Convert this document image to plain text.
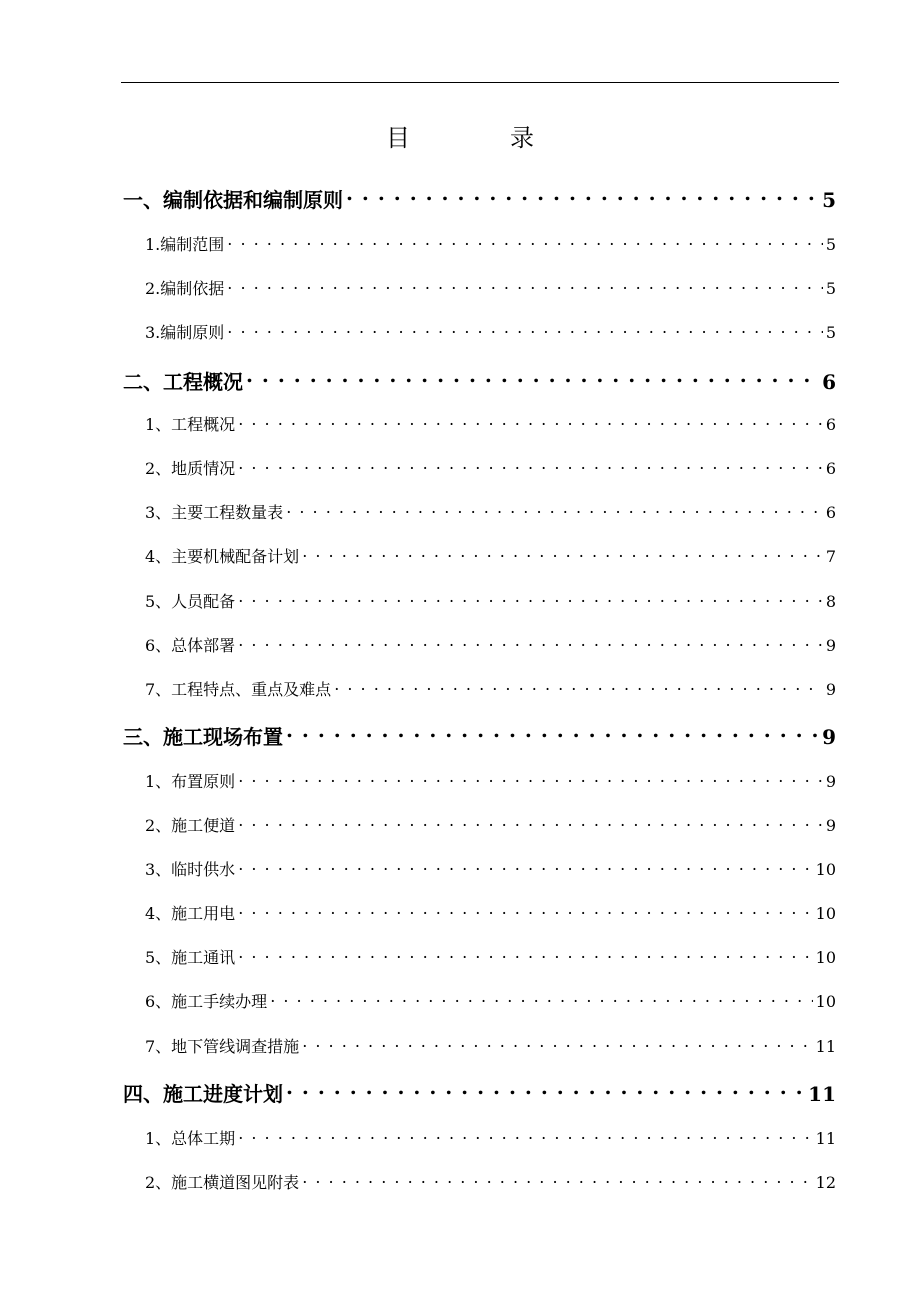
目　录
一、编制依据和编制原则 . . .	5
1.编制范围 . . .	5
2.编制依据 . . .	5
3.编制原则 . . .	5
二、工程概况 . . .	6
1、工程概况 . . .	6
2、地质情况 . . .	6
3、主要工程数量表 . . .	6
4、主要机械配备计划 . . .	7
5、人员配备 . . .	8
6、总体部署 . . .	9
7、工程特点、重点及难点 . . .	9
三、施工现场布置 . . .	9
1、布置原则 . . .	9
2、施工便道 . . .	9
3、临时供水 . . .	10
4、施工用电 . . .	10
5、施工通讯 . . .	10
6、施工手续办理 . . .	10
7、地下管线调查措施 . . .	11
四、施工进度计划 . . .	11
1、总体工期 . . .	11
2、施工横道图见附表 . . .	12
